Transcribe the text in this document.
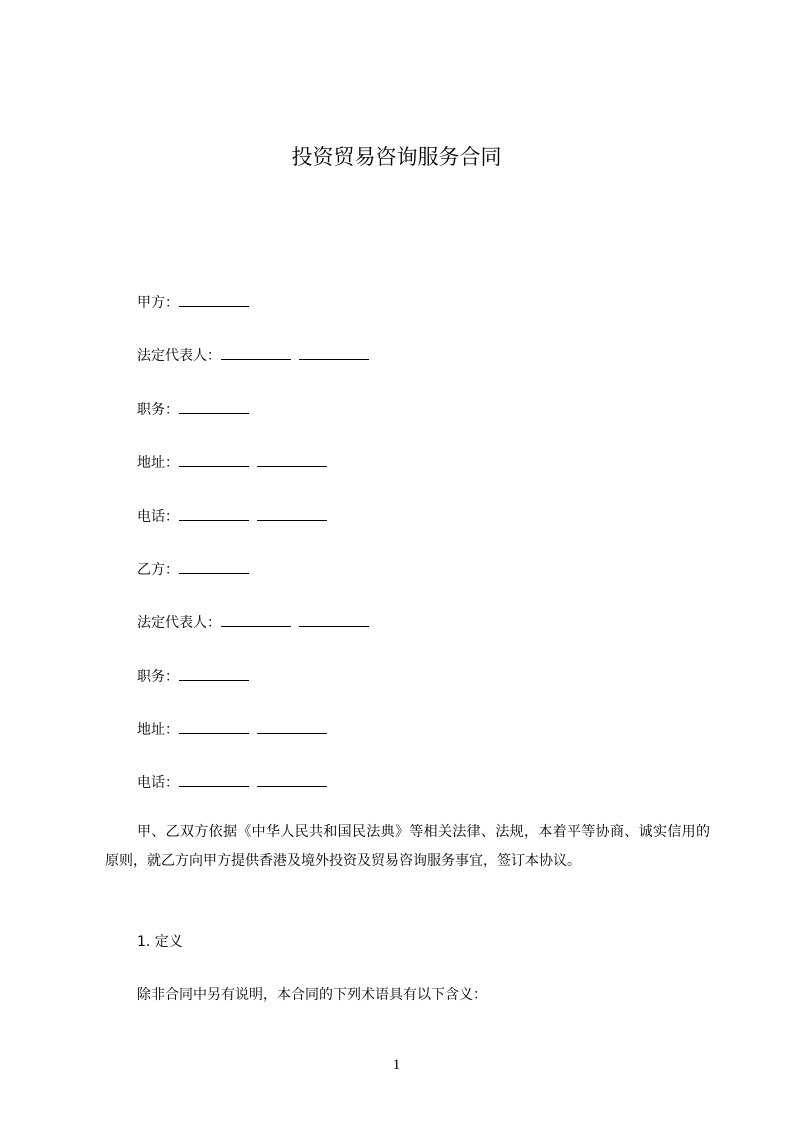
投资贸易咨询服务合同
甲方：
法定代表人：
职务：
地址：
电话：
乙方：
法定代表人：
职务：
地址：
电话：
甲、乙双方依据《中华人民共和国民法典》等相关法律、法规，本着平等协商、诚实信用的原则，就乙方向甲方提供香港及境外投资及贸易咨询服务事宜，签订本协议。
1. 定义
除非合同中另有说明，本合同的下列术语具有以下含义：
1
